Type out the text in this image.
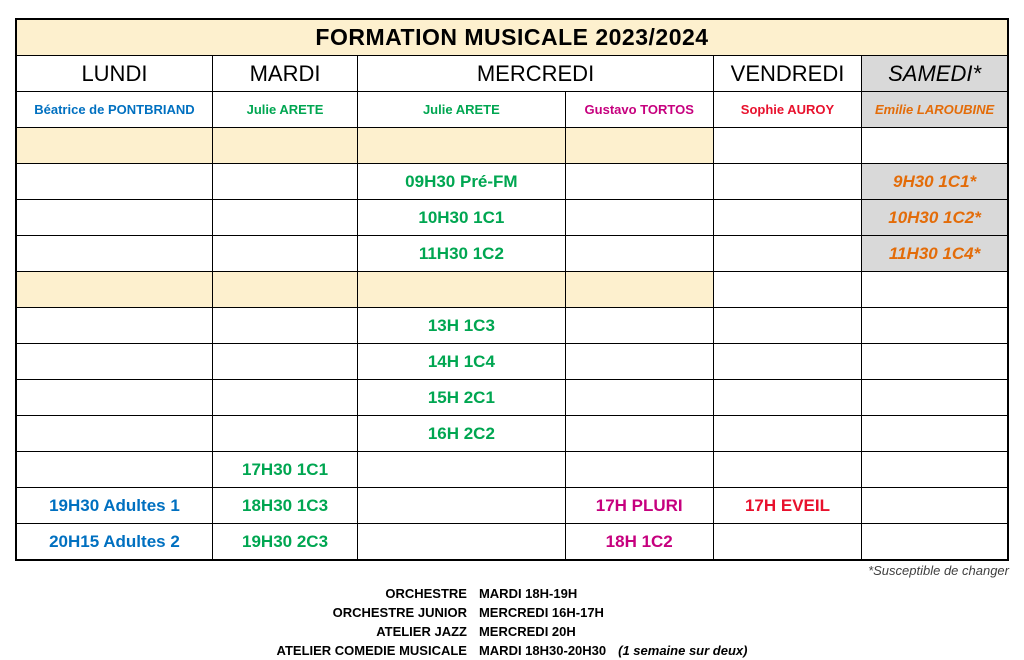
FORMATION MUSICALE 2023/2024					
LUNDI	MARDI	MERCREDI		VENDREDI	SAMEDI*
Béatrice de PONTBRIAND	Julie ARETE	Julie ARETE	Gustavo TORTOS	Sophie AUROY	Emilie LAROUBINE

		09H30 Pré-FM			9H30 1C1*
		10H30 1C1			10H30 1C2*
		11H30 1C2			11H30 1C4*

		13H 1C3			
		14H 1C4			
		15H 2C1			
		16H 2C2			
	17H30 1C1				
19H30 Adultes 1	18H30 1C3		17H PLURI	17H EVEIL	
20H15 Adultes 2	19H30 2C3		18H 1C2		
*Susceptible de changer
ORCHESTRE	MARDI 18H-19H	
ORCHESTRE JUNIOR	MERCREDI 16H-17H	
ATELIER JAZZ	MERCREDI 20H	
ATELIER COMEDIE MUSICALE	MARDI 18H30-20H30	(1 semaine sur deux)
